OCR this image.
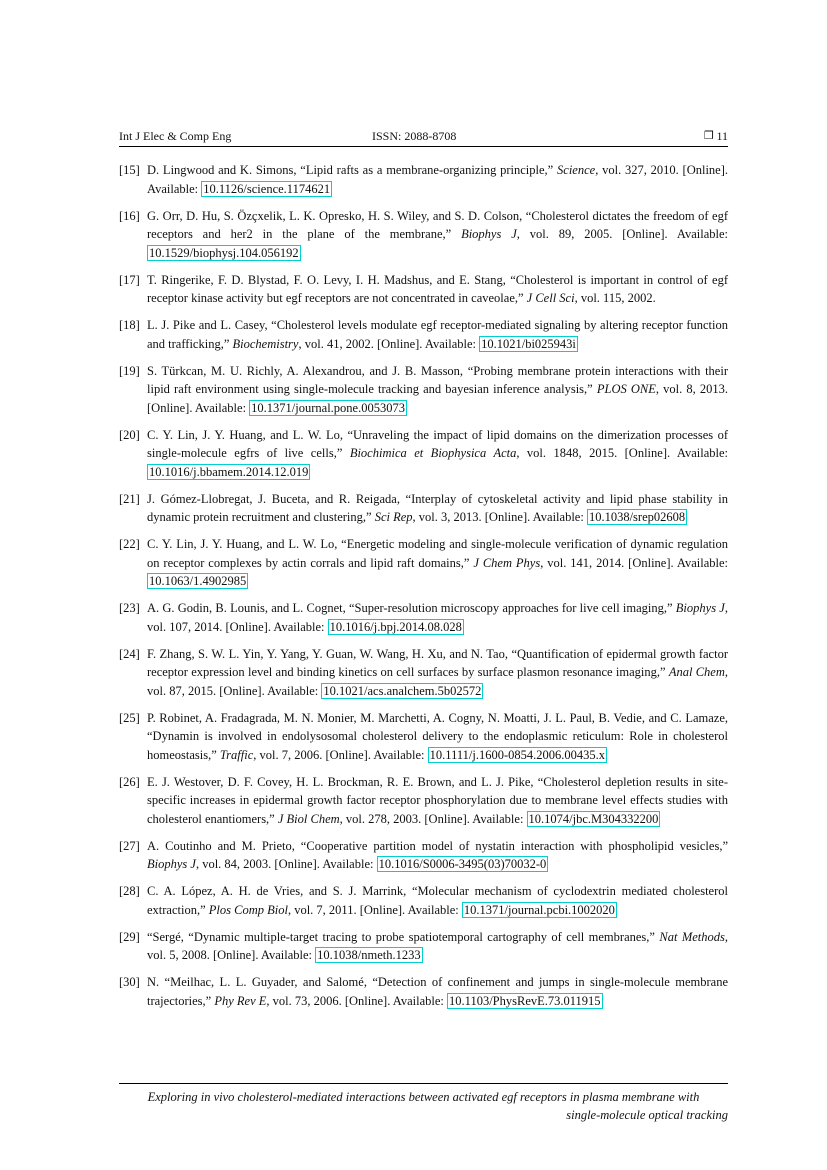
Int J Elec & Comp Eng	ISSN: 2088-8708	❒ 11
[15] D. Lingwood and K. Simons, “Lipid rafts as a membrane-organizing principle,” Science, vol. 327, 2010. [Online]. Available: 10.1126/science.1174621
[16] G. Orr, D. Hu, S. Özçxelik, L. K. Opresko, H. S. Wiley, and S. D. Colson, “Cholesterol dictates the freedom of egf receptors and her2 in the plane of the membrane,” Biophys J, vol. 89, 2005. [Online]. Available: 10.1529/biophysj.104.056192
[17] T. Ringerike, F. D. Blystad, F. O. Levy, I. H. Madshus, and E. Stang, “Cholesterol is important in control of egf receptor kinase activity but egf receptors are not concentrated in caveolae,” J Cell Sci, vol. 115, 2002.
[18] L. J. Pike and L. Casey, “Cholesterol levels modulate egf receptor-mediated signaling by altering receptor function and trafficking,” Biochemistry, vol. 41, 2002. [Online]. Available: 10.1021/bi025943i
[19] S. Türkcan, M. U. Richly, A. Alexandrou, and J. B. Masson, “Probing membrane protein interactions with their lipid raft environment using single-molecule tracking and bayesian inference analysis,” PLOS ONE, vol. 8, 2013. [Online]. Available: 10.1371/journal.pone.0053073
[20] C. Y. Lin, J. Y. Huang, and L. W. Lo, “Unraveling the impact of lipid domains on the dimerization processes of single-molecule egfrs of live cells,” Biochimica et Biophysica Acta, vol. 1848, 2015. [Online]. Available: 10.1016/j.bbamem.2014.12.019
[21] J. Gómez-Llobregat, J. Buceta, and R. Reigada, “Interplay of cytoskeletal activity and lipid phase stability in dynamic protein recruitment and clustering,” Sci Rep, vol. 3, 2013. [Online]. Available: 10.1038/srep02608
[22] C. Y. Lin, J. Y. Huang, and L. W. Lo, “Energetic modeling and single-molecule verification of dynamic regulation on receptor complexes by actin corrals and lipid raft domains,” J Chem Phys, vol. 141, 2014. [Online]. Available: 10.1063/1.4902985
[23] A. G. Godin, B. Lounis, and L. Cognet, “Super-resolution microscopy approaches for live cell imaging,” Biophys J, vol. 107, 2014. [Online]. Available: 10.1016/j.bpj.2014.08.028
[24] F. Zhang, S. W. L. Yin, Y. Yang, Y. Guan, W. Wang, H. Xu, and N. Tao, “Quantification of epidermal growth factor receptor expression level and binding kinetics on cell surfaces by surface plasmon resonance imaging,” Anal Chem, vol. 87, 2015. [Online]. Available: 10.1021/acs.analchem.5b02572
[25] P. Robinet, A. Fradagrada, M. N. Monier, M. Marchetti, A. Cogny, N. Moatti, J. L. Paul, B. Vedie, and C. Lamaze, “Dynamin is involved in endolysosomal cholesterol delivery to the endoplasmic reticulum: Role in cholesterol homeostasis,” Traffic, vol. 7, 2006. [Online]. Available: 10.1111/j.1600-0854.2006.00435.x
[26] E. J. Westover, D. F. Covey, H. L. Brockman, R. E. Brown, and L. J. Pike, “Cholesterol depletion results in site-specific increases in epidermal growth factor receptor phosphorylation due to membrane level effects studies with cholesterol enantiomers,” J Biol Chem, vol. 278, 2003. [Online]. Available: 10.1074/jbc.M304332200
[27] A. Coutinho and M. Prieto, “Cooperative partition model of nystatin interaction with phospholipid vesicles,” Biophys J, vol. 84, 2003. [Online]. Available: 10.1016/S0006-3495(03)70032-0
[28] C. A. López, A. H. de Vries, and S. J. Marrink, “Molecular mechanism of cyclodextrin mediated cholesterol extraction,” Plos Comp Biol, vol. 7, 2011. [Online]. Available: 10.1371/journal.pcbi.1002020
[29] “Sergé, “Dynamic multiple-target tracing to probe spatiotemporal cartography of cell membranes,” Nat Methods, vol. 5, 2008. [Online]. Available: 10.1038/nmeth.1233
[30] N. “Meilhac, L. L. Guyader, and Salomé, “Detection of confinement and jumps in single-molecule membrane trajectories,” Phy Rev E, vol. 73, 2006. [Online]. Available: 10.1103/PhysRevE.73.011915
Exploring in vivo cholesterol-mediated interactions between activated egf receptors in plasma membrane with
single-molecule optical tracking
